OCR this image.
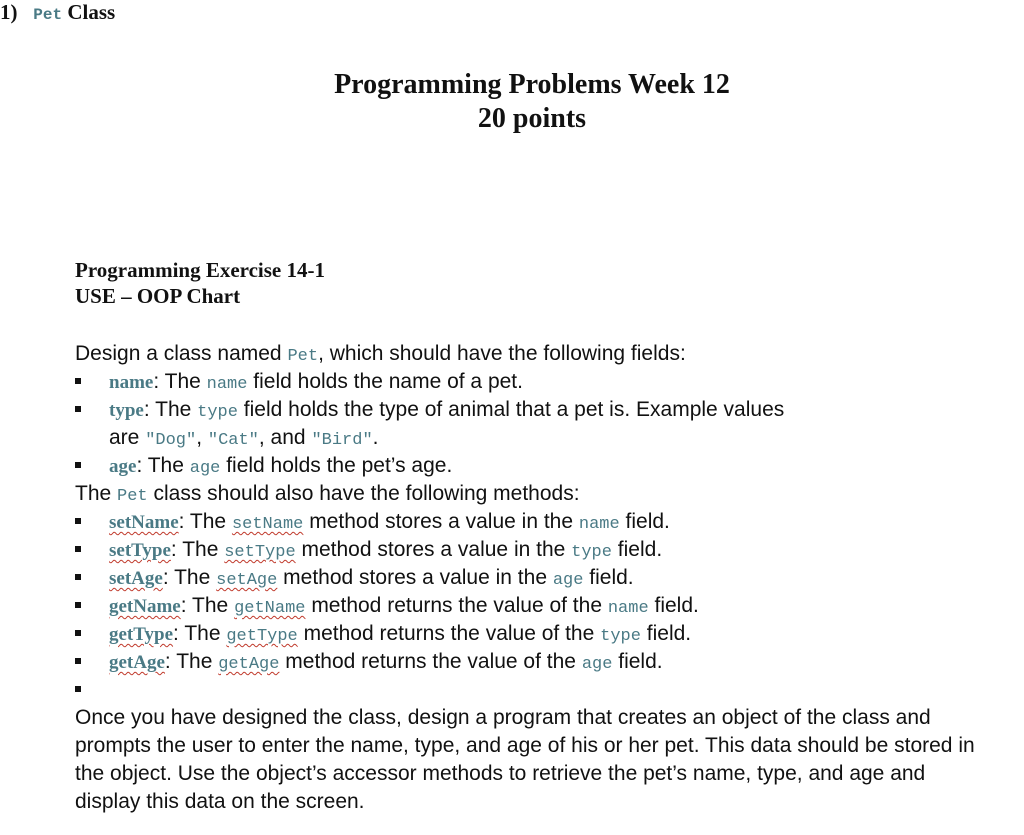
Programming Problems Week 12
20 points
Programming Exercise 14-1
USE – OOP Chart
1) Pet Class
Design a class named Pet, which should have the following fields:
name: The name field holds the name of a pet.
type: The type field holds the type of animal that a pet is. Example values
are "Dog", "Cat", and "Bird".
age: The age field holds the pet’s age.
The Pet class should also have the following methods:
setName: The setName method stores a value in the name field.
setType: The setType method stores a value in the type field.
setAge: The setAge method stores a value in the age field.
getName: The getName method returns the value of the name field.
getType: The getType method returns the value of the type field.
getAge: The getAge method returns the value of the age field.
Once you have designed the class, design a program that creates an object of the class and prompts the user to enter the name, type, and age of his or her pet. This data should be stored in the object. Use the object’s accessor methods to retrieve the pet’s name, type, and age and display this data on the screen.
